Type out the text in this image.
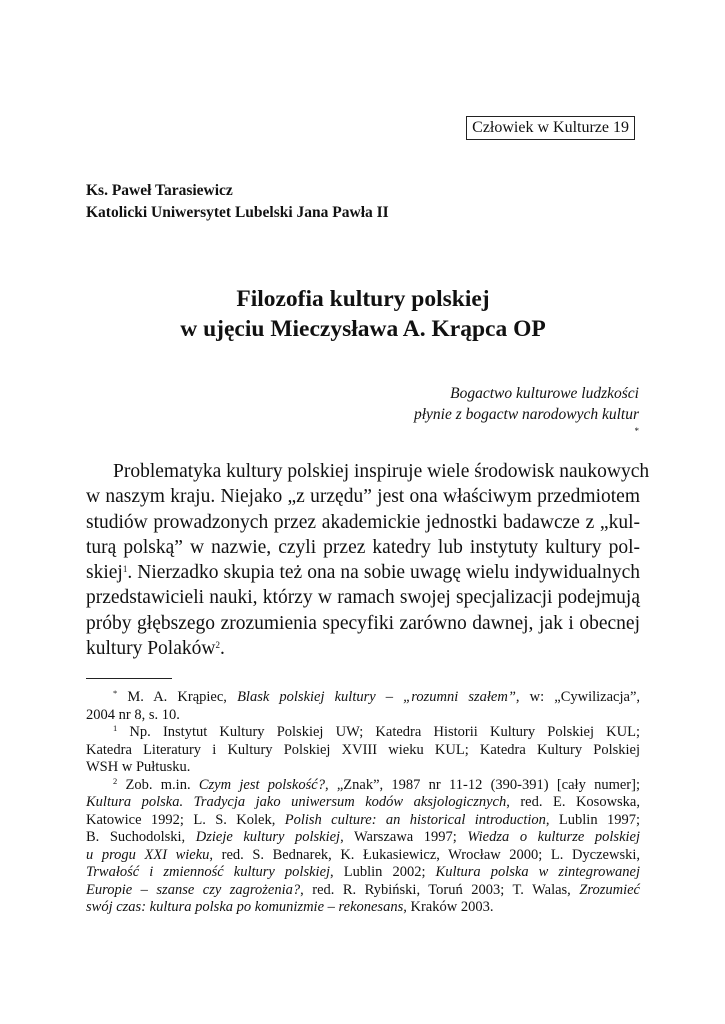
Człowiek w Kulturze 19
Ks. Paweł Tarasiewicz
Katolicki Uniwersytet Lubelski Jana Pawła II
Filozofia kultury polskiej
w ujęciu Mieczysława A. Krąpca OP
Bogactwo kulturowe ludzkości
płynie z bogactw narodowych kultur
*
Problematyka kultury polskiej inspiruje wiele środowisk naukowych
w naszym kraju. Niejako „z urzędu” jest ona właściwym przedmiotem
studiów prowadzonych przez akademickie jednostki badawcze z „kul-
turą polską” w nazwie, czyli przez katedry lub instytuty kultury pol-
skiej$^1$. Nierzadko skupia też ona na sobie uwagę wielu indywidualnych
przedstawicieli nauki, którzy w ramach swojej specjalizacji podejmują
próby głębszego zrozumienia specyfiki zarówno dawnej, jak i obecnej
kultury Polaków$^2$.
* M. A. Krąpiec, Blask polskiej kultury – „rozumni szałem”, w: „Cywilizacja”,
2004 nr 8, s. 10.
$^1$ Np. Instytut Kultury Polskiej UW; Katedra Historii Kultury Polskiej KUL;
Katedra Literatury i Kultury Polskiej XVIII wieku KUL; Katedra Kultury Polskiej
WSH w Pułtusku.
$^2$ Zob. m.in. Czym jest polskość?, „Znak”, 1987 nr 11-12 (390-391) [cały numer];
Kultura polska. Tradycja jako uniwersum kodów aksjologicznych, red. E. Kosowska,
Katowice 1992; L. S. Kolek, Polish culture: an historical introduction, Lublin 1997;
B. Suchodolski, Dzieje kultury polskiej, Warszawa 1997; Wiedza o kulturze polskiej
u progu XXI wieku, red. S. Bednarek, K. Łukasiewicz, Wrocław 2000; L. Dyczewski,
Trwałość i zmienność kultury polskiej, Lublin 2002; Kultura polska w zintegrowanej
Europie – szanse czy zagrożenia?, red. R. Rybiński, Toruń 2003; T. Walas, Zrozumieć
swój czas: kultura polska po komunizmie – rekonesans, Kraków 2003.
